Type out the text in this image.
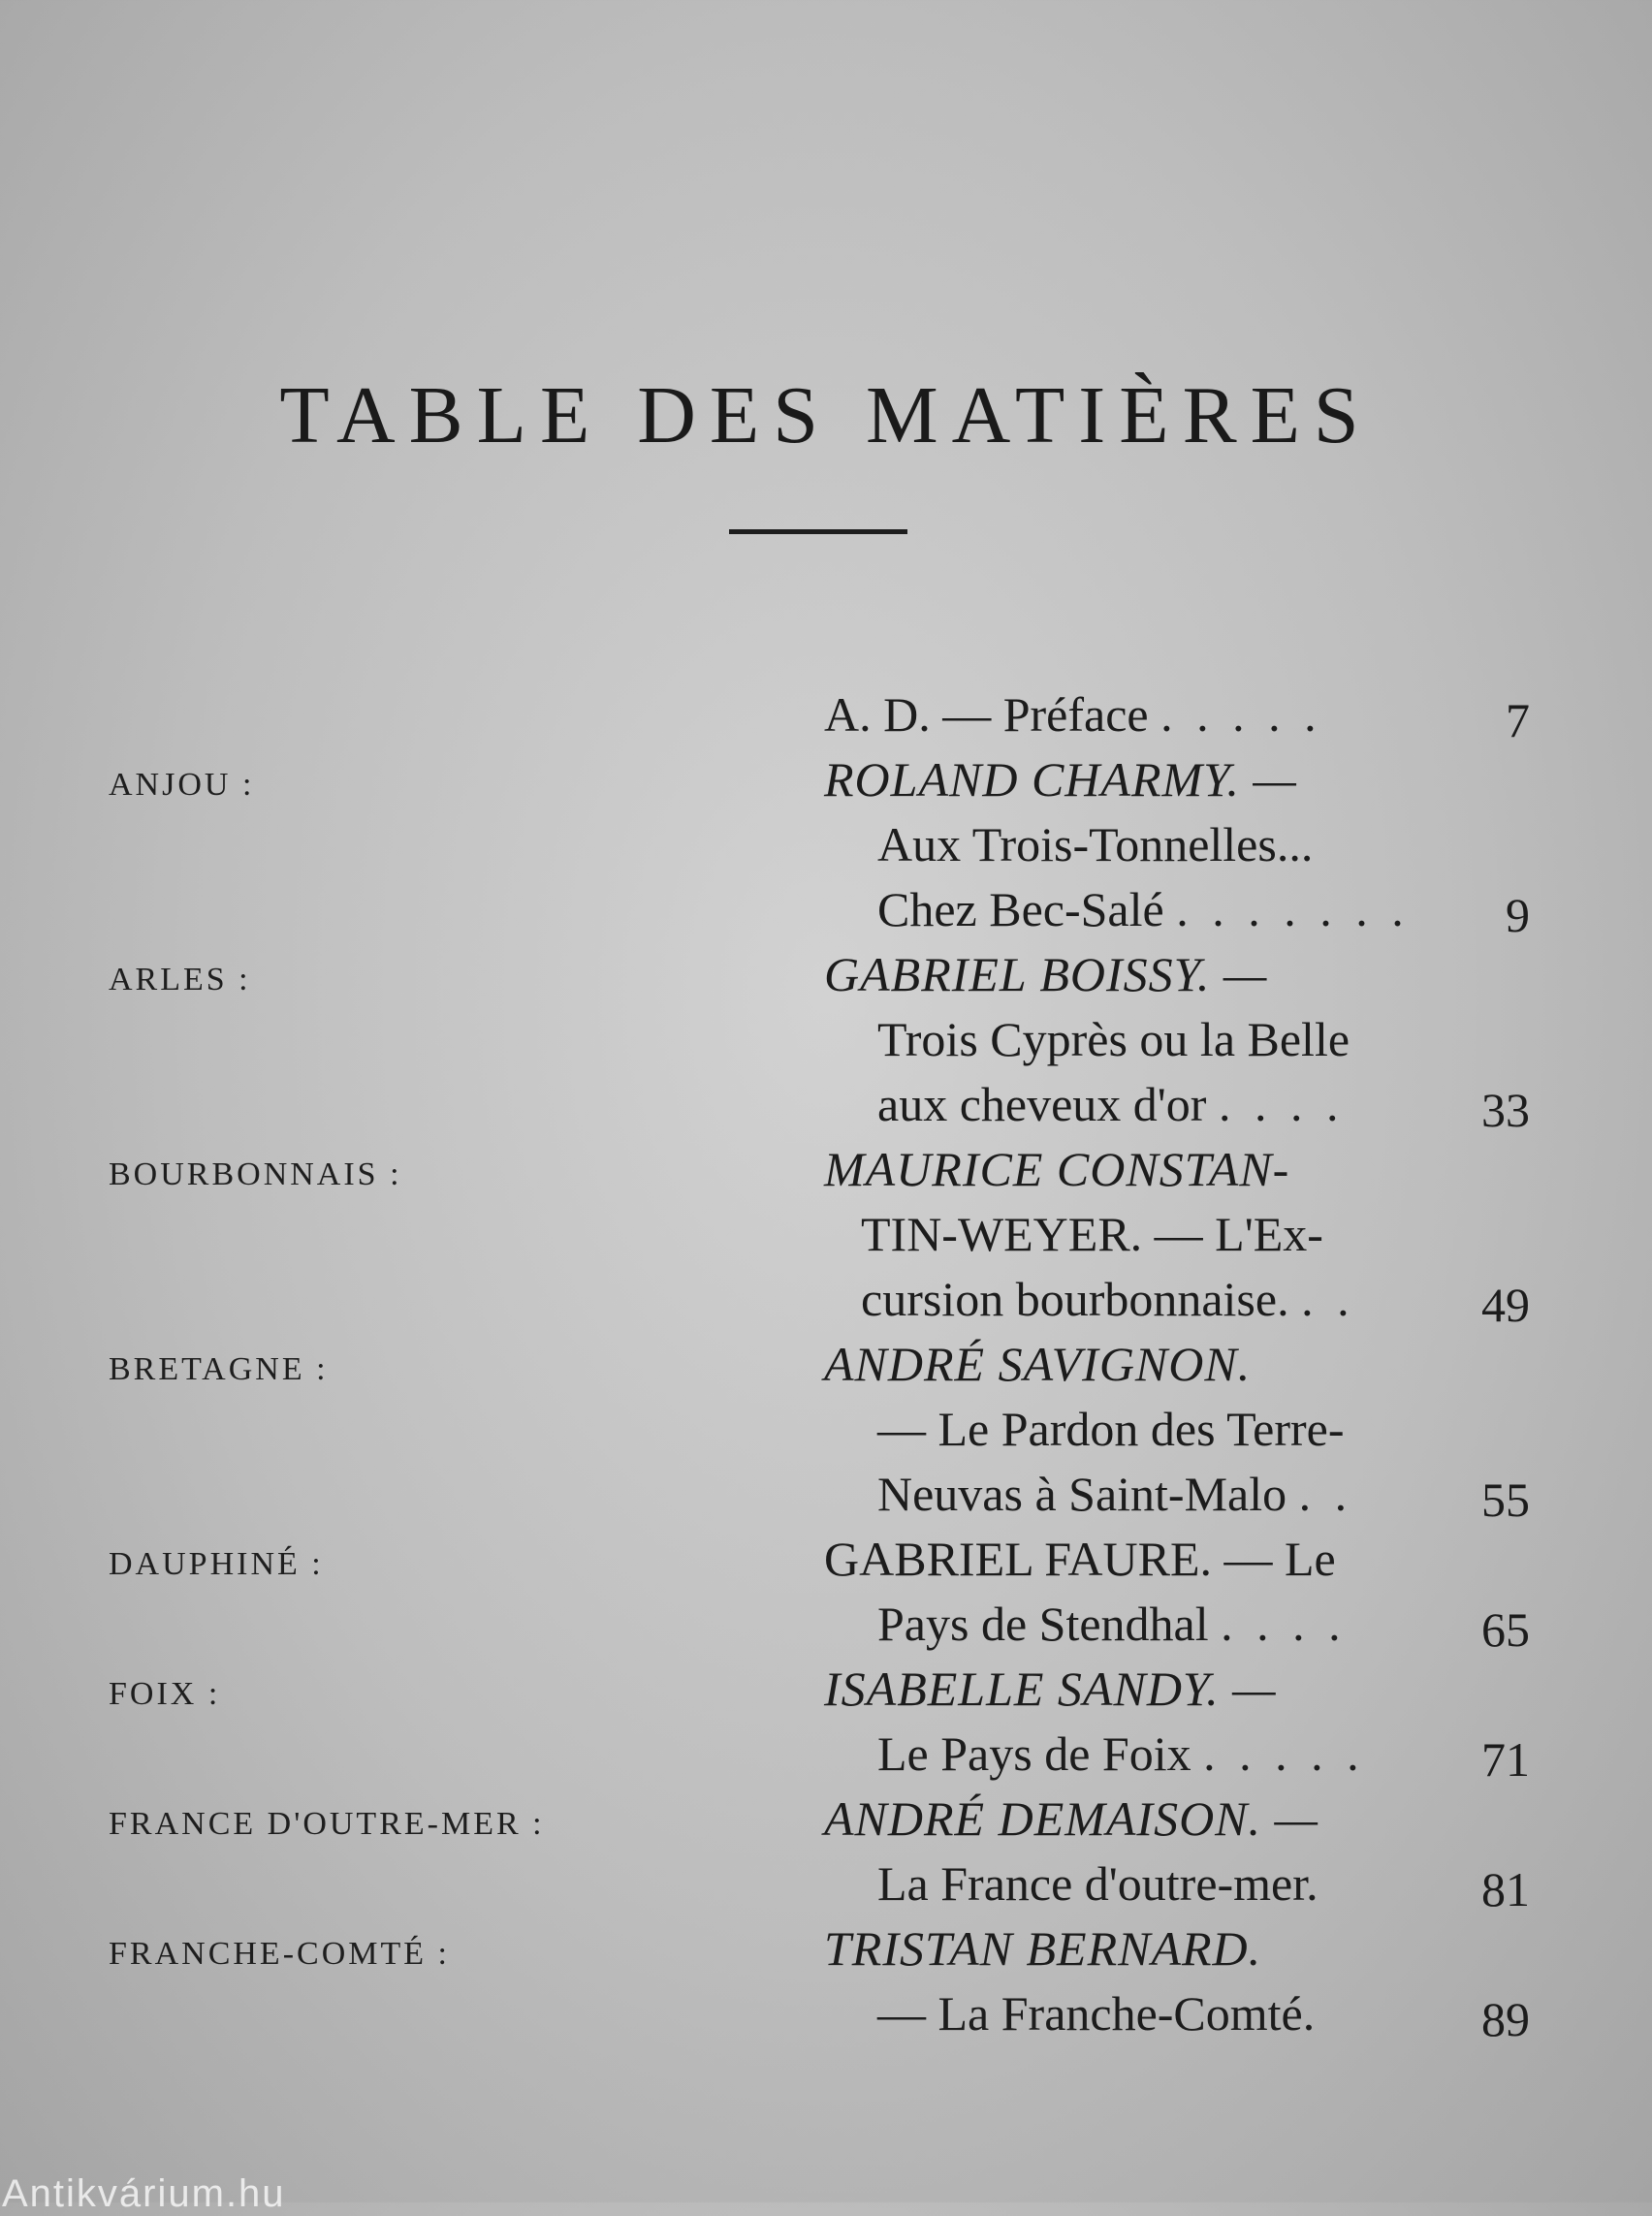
TABLE DES MATIÈRES
A. D. — Préface . . . . .	7
ANJOU :	ROLAND CHARMY. —
Aux Trois-Tonnelles...
Chez Bec-Salé . . . . . . .	9
ARLES :	GABRIEL BOISSY. —
Trois Cyprès ou la Belle
aux cheveux d'or . . . .	33
BOURBONNAIS :	MAURICE CONSTAN-
TIN-WEYER. — L'Ex-
cursion bourbonnaise. . .	49
BRETAGNE :	ANDRÉ SAVIGNON.
— Le Pardon des Terre-
Neuvas à Saint-Malo . .	55
DAUPHINÉ :	GABRIEL FAURE. — Le
Pays de Stendhal . . . .	65
FOIX :	ISABELLE SANDY. —
Le Pays de Foix . . . . .	71
FRANCE D'OUTRE-MER :	ANDRÉ DEMAISON. —
La France d'outre-mer.	81
FRANCHE-COMTÉ :	TRISTAN BERNARD.
— La Franche-Comté.	89
Antikvárium.hu
